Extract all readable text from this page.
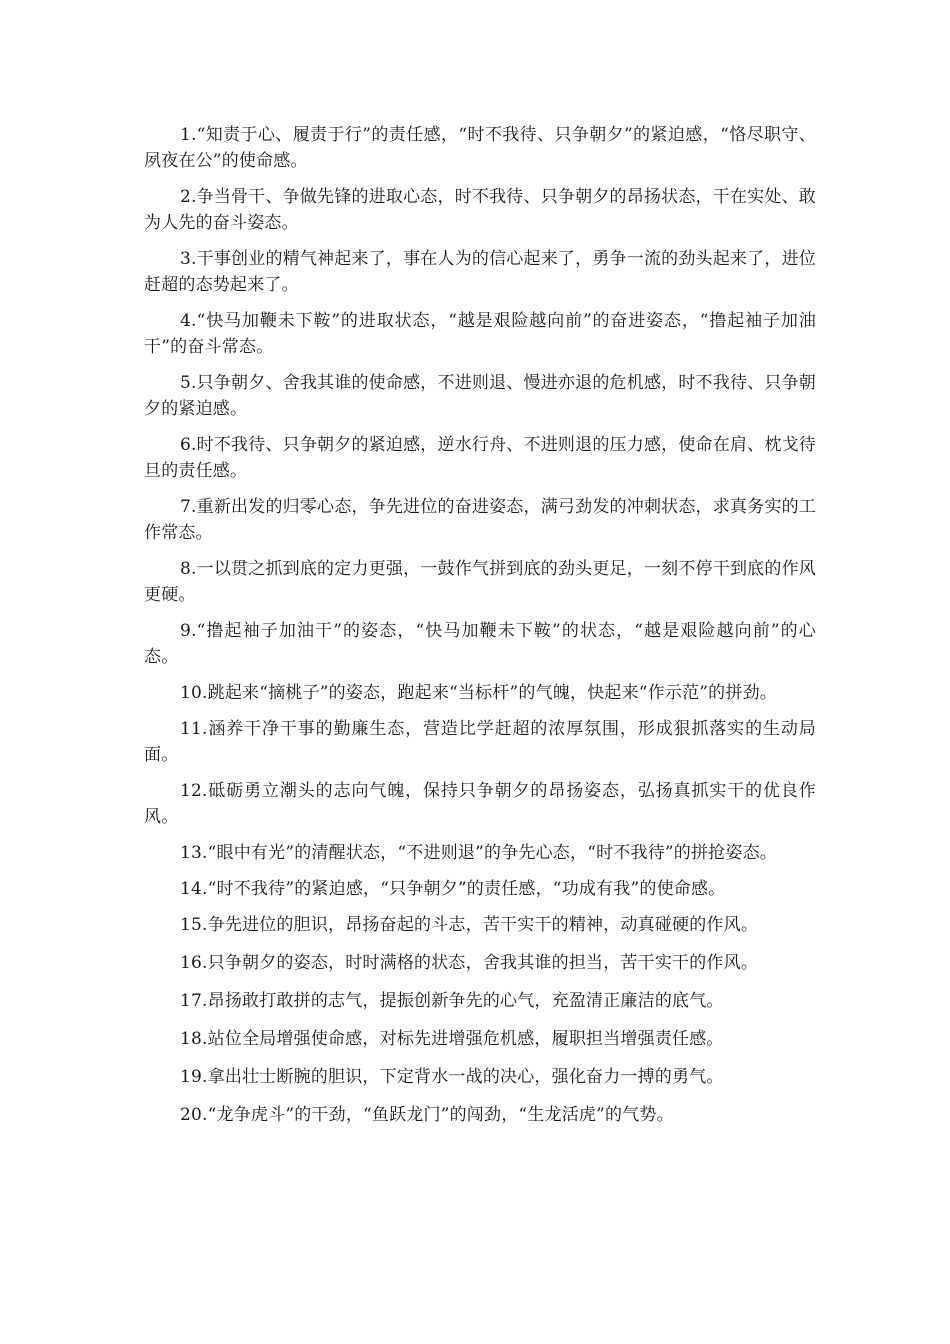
1.“知责于心、履责于行”的责任感，“时不我待、只争朝夕”的紧迫感，“恪尽职守、夙夜在公”的使命感。

2.争当骨干、争做先锋的进取心态，时不我待、只争朝夕的昂扬状态，干在实处、敢为人先的奋斗姿态。

3.干事创业的精气神起来了，事在人为的信心起来了，勇争一流的劲头起来了，进位赶超的态势起来了。

4.“快马加鞭未下鞍”的进取状态，“越是艰险越向前”的奋进姿态，“撸起袖子加油干”的奋斗常态。

5.只争朝夕、舍我其谁的使命感，不进则退、慢进亦退的危机感，时不我待、只争朝夕的紧迫感。

6.时不我待、只争朝夕的紧迫感，逆水行舟、不进则退的压力感，使命在肩、枕戈待旦的责任感。

7.重新出发的归零心态，争先进位的奋进姿态，满弓劲发的冲刺状态，求真务实的工作常态。

8.一以贯之抓到底的定力更强，一鼓作气拼到底的劲头更足，一刻不停干到底的作风更硬。

9.“撸起袖子加油干”的姿态，“快马加鞭未下鞍”的状态，“越是艰险越向前”的心态。

10.跳起来“摘桃子”的姿态，跑起来“当标杆”的气魄，快起来“作示范”的拼劲。

11.涵养干净干事的勤廉生态，营造比学赶超的浓厚氛围，形成狠抓落实的生动局面。

12.砥砺勇立潮头的志向气魄，保持只争朝夕的昂扬姿态，弘扬真抓实干的优良作风。

13.“眼中有光”的清醒状态，“不进则退”的争先心态，“时不我待”的拼抢姿态。

14.“时不我待”的紧迫感，“只争朝夕”的责任感，“功成有我”的使命感。

15.争先进位的胆识，昂扬奋起的斗志，苦干实干的精神，动真碰硬的作风。

16.只争朝夕的姿态，时时满格的状态，舍我其谁的担当，苦干实干的作风。

17.昂扬敢打敢拼的志气，提振创新争先的心气，充盈清正廉洁的底气。

18.站位全局增强使命感，对标先进增强危机感，履职担当增强责任感。

19.拿出壮士断腕的胆识，下定背水一战的决心，强化奋力一搏的勇气。

20.“龙争虎斗”的干劲，“鱼跃龙门”的闯劲，“生龙活虎”的气势。
